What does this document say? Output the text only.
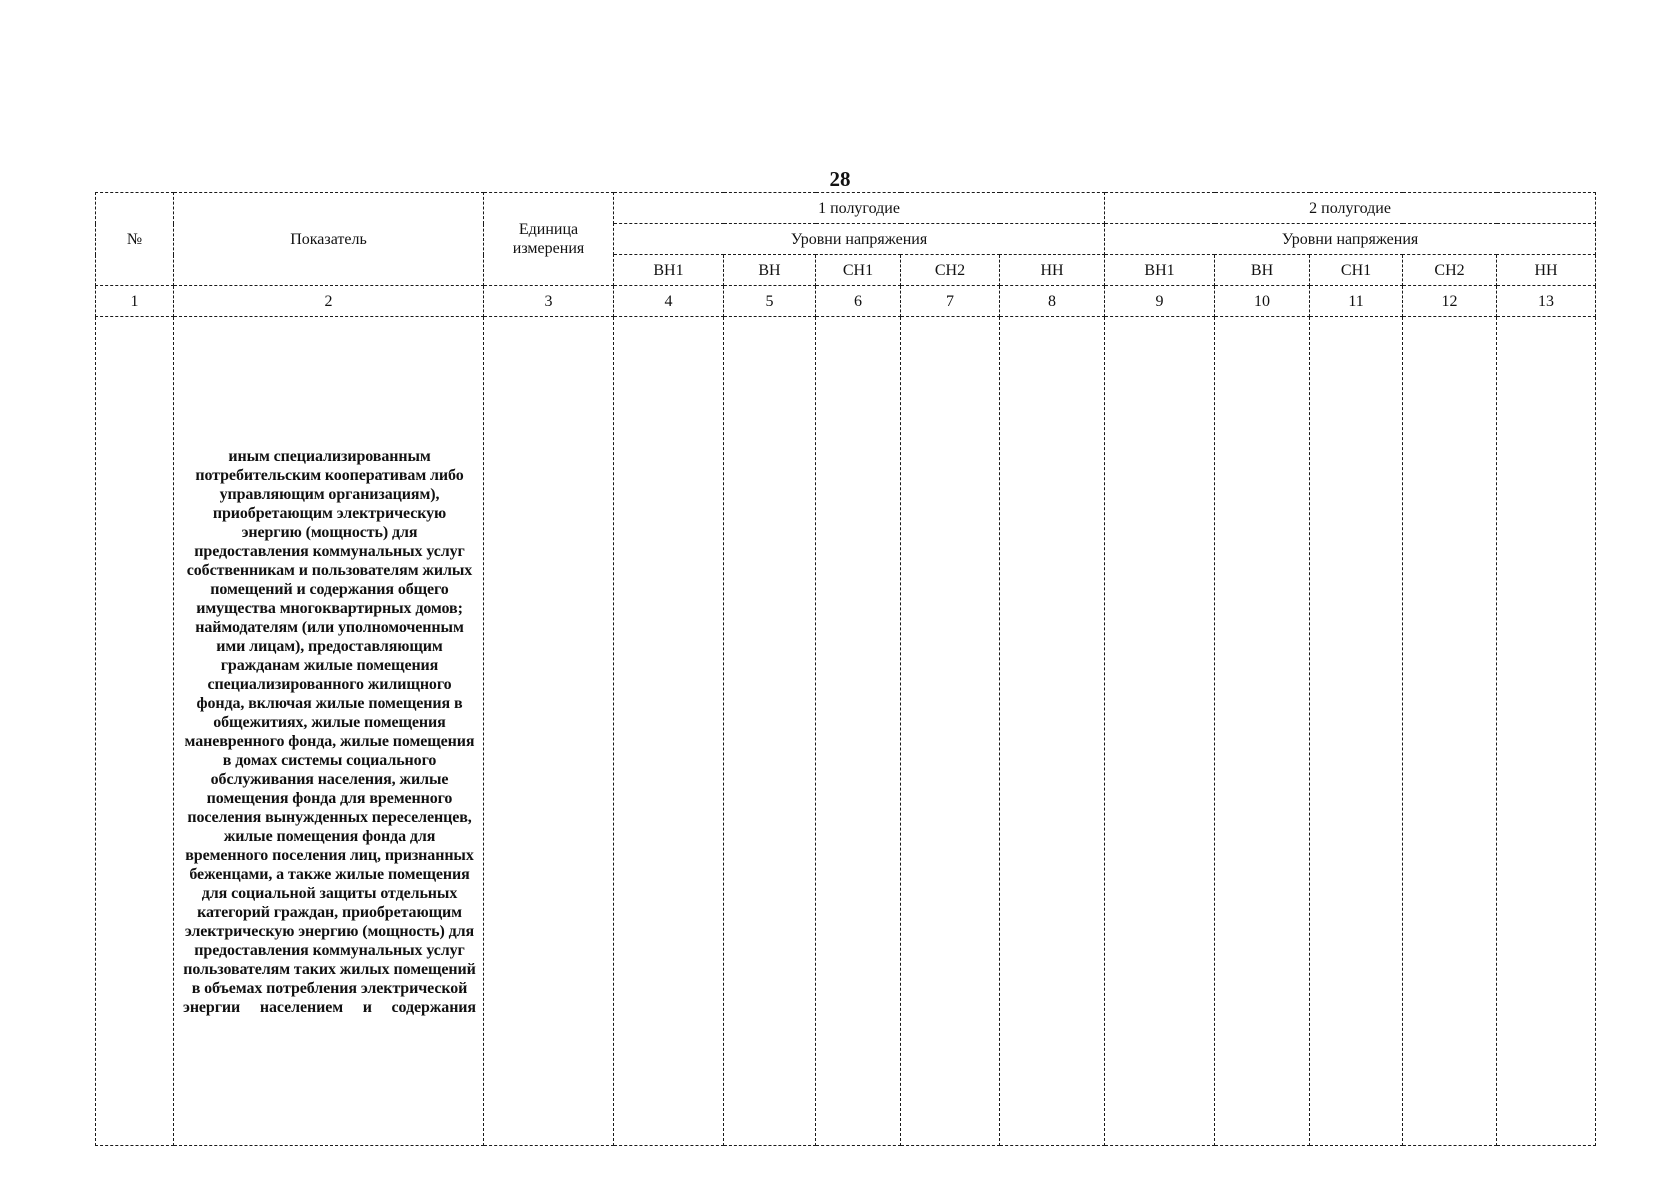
28
№	Показатель	Единица
измерения	1 полугодие					2 полугодие				
			Уровни напряжения					Уровни напряжения				
			ВН1	ВН	СН1	СН2	НН	ВН1	ВН	СН1	СН2	НН
1	2	3	4	5	6	7	8	9	10	11	12	13
	иным специализированным потребительским кооперативам либо управляющим организациям), приобретающим электрическую энергию (мощность) для предоставления коммунальных услуг собственникам и пользователям жилых помещений и содержания общего имущества многоквартирных домов; наймодателям (или уполномоченным ими лицам), предоставляющим гражданам жилые помещения специализированного жилищного фонда, включая жилые помещения в общежитиях, жилые помещения маневренного фонда, жилые помещения в домах системы социального обслуживания населения, жилые помещения фонда для временного поселения вынужденных переселенцев, жилые помещения фонда для временного поселения лиц, признанных беженцами, а также жилые помещения для социальной защиты отдельных категорий граждан, приобретающим электрическую энергию (мощность) для предоставления коммунальных услуг пользователям таких жилых помещений в объемах потребления электрической энергии населением и содержания											
